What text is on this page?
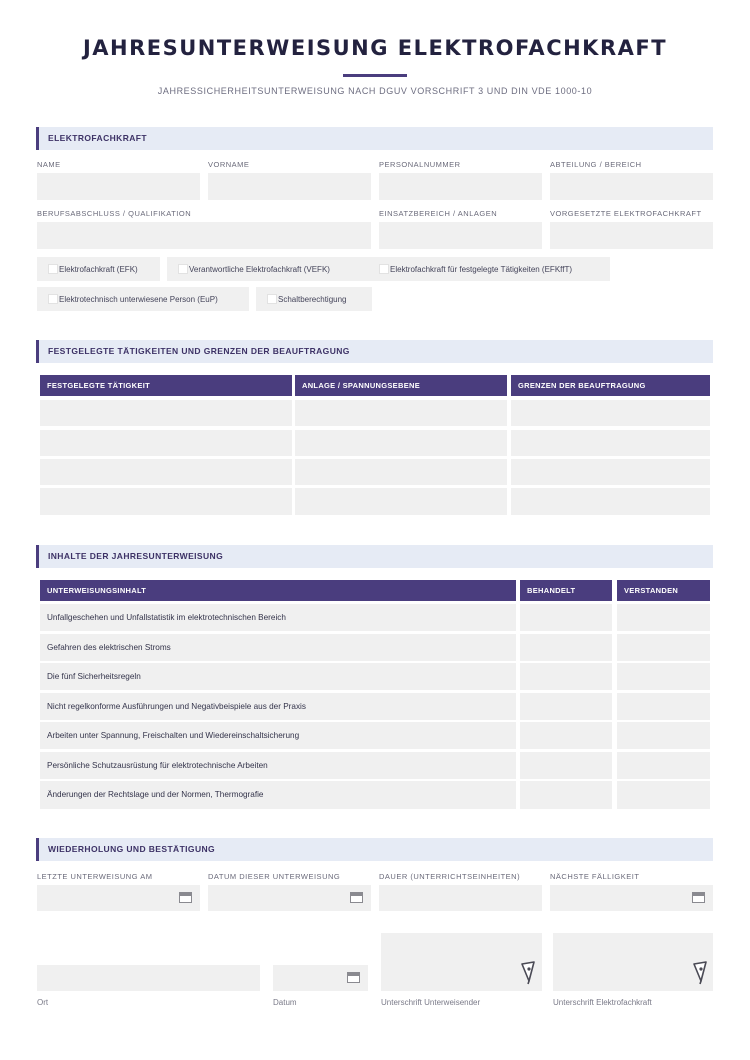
JAHRESUNTERWEISUNG ELEKTROFACHKRAFT
JAHRESSICHERHEITSUNTERWEISUNG NACH DGUV VORSCHRIFT 3 UND DIN VDE 1000-10
ELEKTROFACHKRAFT
NAME	VORNAME	PERSONALNUMMER	ABTEILUNG / BEREICH
BERUFSABSCHLUSS / QUALIFIKATION	EINSATZBEREICH / ANLAGEN	VORGESETZTE ELEKTROFACHKRAFT
Elektrofachkraft (EFK)	Verantwortliche Elektrofachkraft (VEFK)	Elektrofachkraft für festgelegte Tätigkeiten (EFKffT)
Elektrotechnisch unterwiesene Person (EuP)	Schaltberechtigung
FESTGELEGTE TÄTIGKEITEN UND GRENZEN DER BEAUFTRAGUNG
FESTGELEGTE TÄTIGKEIT	ANLAGE / SPANNUNGSEBENE	GRENZEN DER BEAUFTRAGUNG
INHALTE DER JAHRESUNTERWEISUNG
UNTERWEISUNGSINHALT	BEHANDELT	VERSTANDEN
Unfallgeschehen und Unfallstatistik im elektrotechnischen Bereich
Gefahren des elektrischen Stroms
Die fünf Sicherheitsregeln
Nicht regelkonforme Ausführungen und Negativbeispiele aus der Praxis
Arbeiten unter Spannung, Freischalten und Wiedereinschaltsicherung
Persönliche Schutzausrüstung für elektrotechnische Arbeiten
Änderungen der Rechtslage und der Normen, Thermografie
WIEDERHOLUNG UND BESTÄTIGUNG
LETZTE UNTERWEISUNG AM	DATUM DIESER UNTERWEISUNG	DAUER (UNTERRICHTSEINHEITEN)	NÄCHSTE FÄLLIGKEIT
Ort	Datum	Unterschrift Unterweisender	Unterschrift Elektrofachkraft
